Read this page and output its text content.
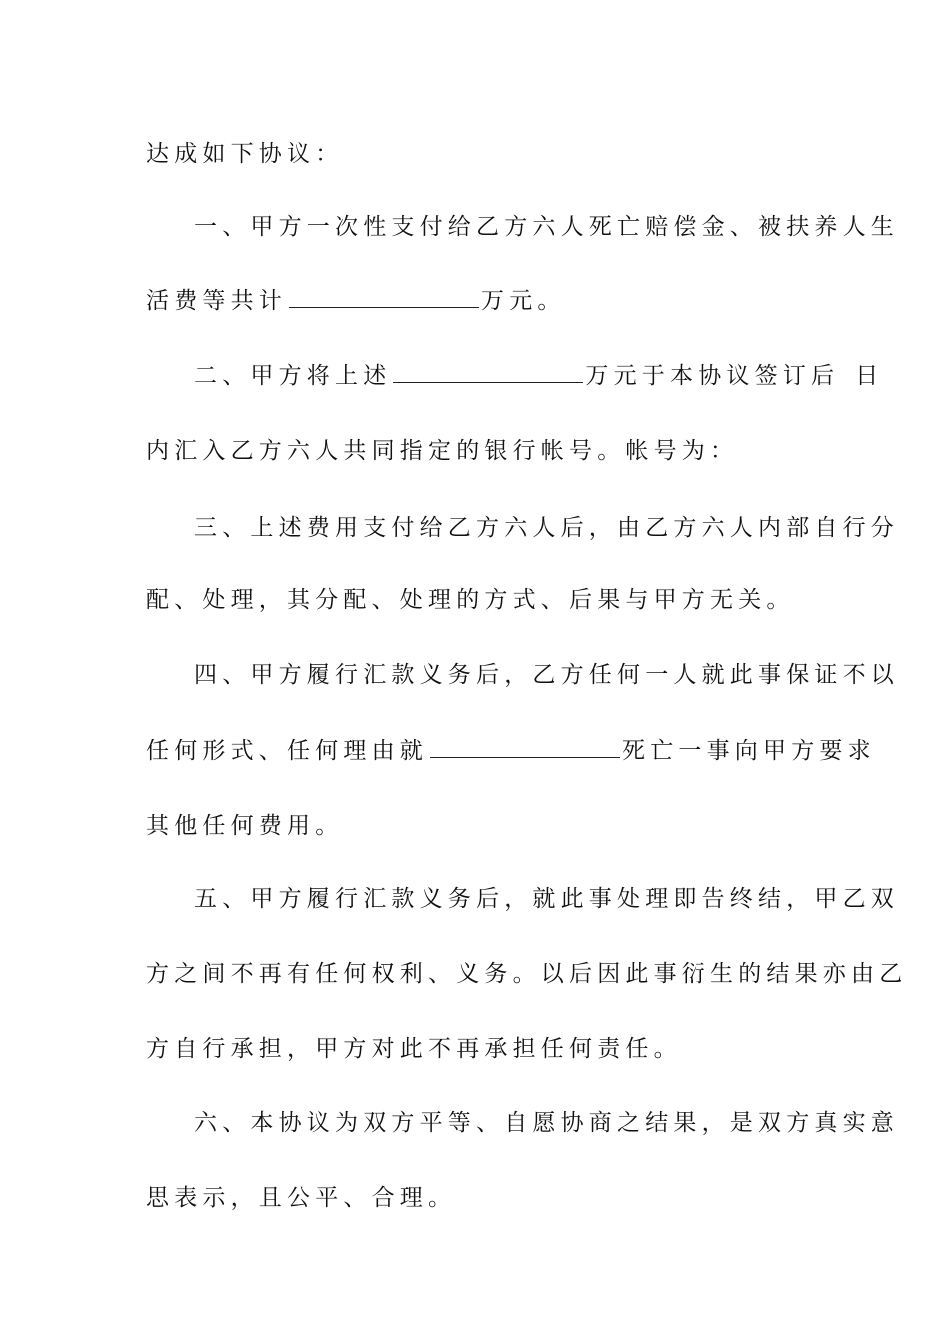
达成如下协议：
一、甲方一次性支付给乙方六人死亡赔偿金、被扶养人生
活费等共计	万元。
二、甲方将上述	万元于本协议签订后 日
内汇入乙方六人共同指定的银行帐号。帐号为：
三、上述费用支付给乙方六人后，由乙方六人内部自行分
配、处理，其分配、处理的方式、后果与甲方无关。
四、甲方履行汇款义务后，乙方任何一人就此事保证不以
任何形式、任何理由就	死亡一事向甲方要求
其他任何费用。
五、甲方履行汇款义务后，就此事处理即告终结，甲乙双
方之间不再有任何权利、义务。以后因此事衍生的结果亦由乙
方自行承担，甲方对此不再承担任何责任。
六、本协议为双方平等、自愿协商之结果，是双方真实意
思表示，且公平、合理。
